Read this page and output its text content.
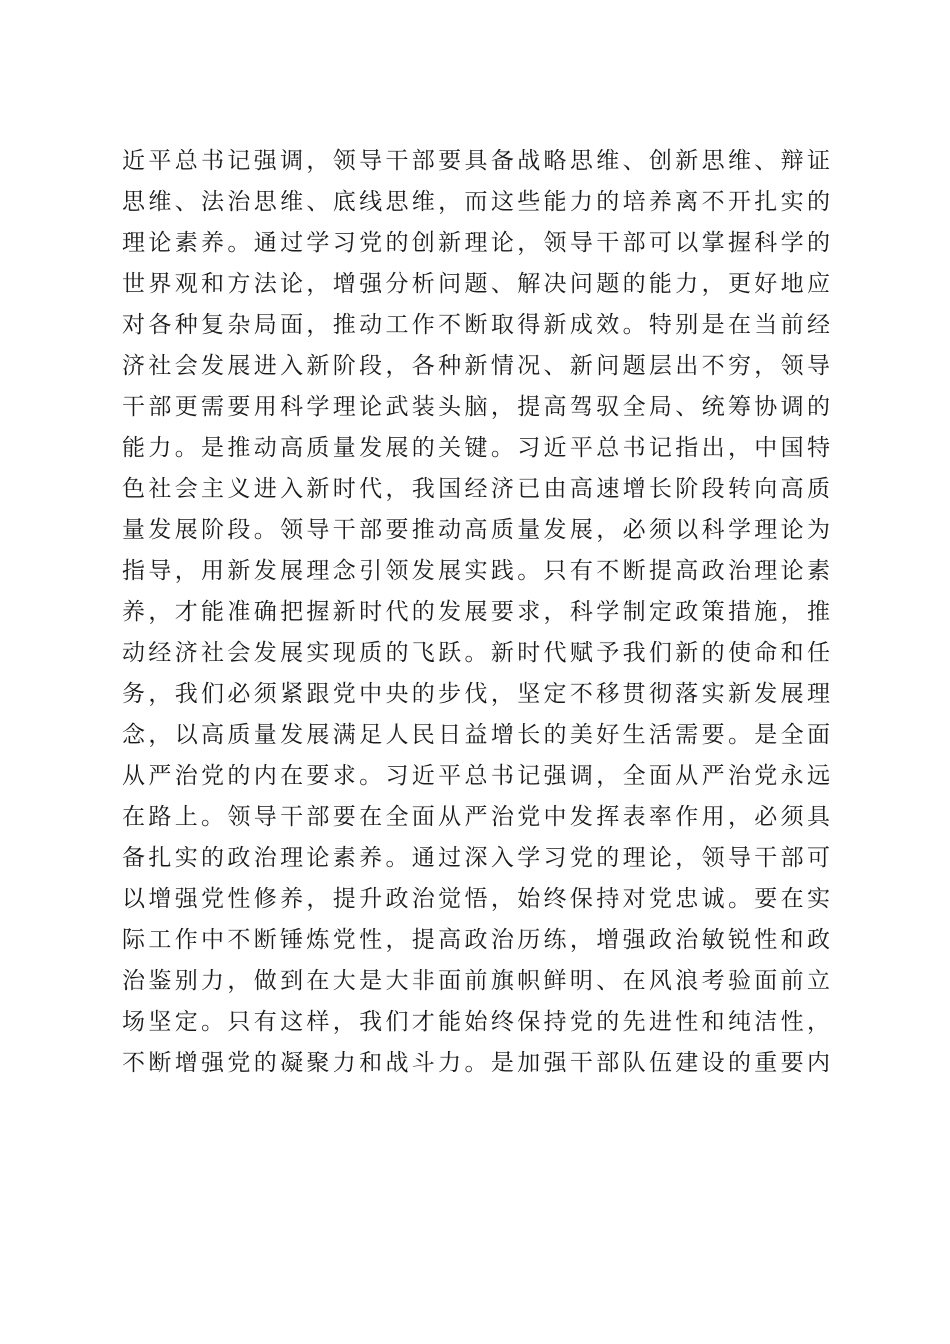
近平总书记强调，领导干部要具备战略思维、创新思维、辩证
思维、法治思维、底线思维，而这些能力的培养离不开扎实的
理论素养。通过学习党的创新理论，领导干部可以掌握科学的
世界观和方法论，增强分析问题、解决问题的能力，更好地应
对各种复杂局面，推动工作不断取得新成效。特别是在当前经
济社会发展进入新阶段，各种新情况、新问题层出不穷，领导
干部更需要用科学理论武装头脑，提高驾驭全局、统筹协调的
能力。是推动高质量发展的关键。习近平总书记指出，中国特
色社会主义进入新时代，我国经济已由高速增长阶段转向高质
量发展阶段。领导干部要推动高质量发展，必须以科学理论为
指导，用新发展理念引领发展实践。只有不断提高政治理论素
养，才能准确把握新时代的发展要求，科学制定政策措施，推
动经济社会发展实现质的飞跃。新时代赋予我们新的使命和任
务，我们必须紧跟党中央的步伐，坚定不移贯彻落实新发展理
念，以高质量发展满足人民日益增长的美好生活需要。是全面
从严治党的内在要求。习近平总书记强调，全面从严治党永远
在路上。领导干部要在全面从严治党中发挥表率作用，必须具
备扎实的政治理论素养。通过深入学习党的理论，领导干部可
以增强党性修养，提升政治觉悟，始终保持对党忠诚。要在实
际工作中不断锤炼党性，提高政治历练，增强政治敏锐性和政
治鉴别力，做到在大是大非面前旗帜鲜明、在风浪考验面前立
场坚定。只有这样，我们才能始终保持党的先进性和纯洁性，
不断增强党的凝聚力和战斗力。是加强干部队伍建设的重要内
